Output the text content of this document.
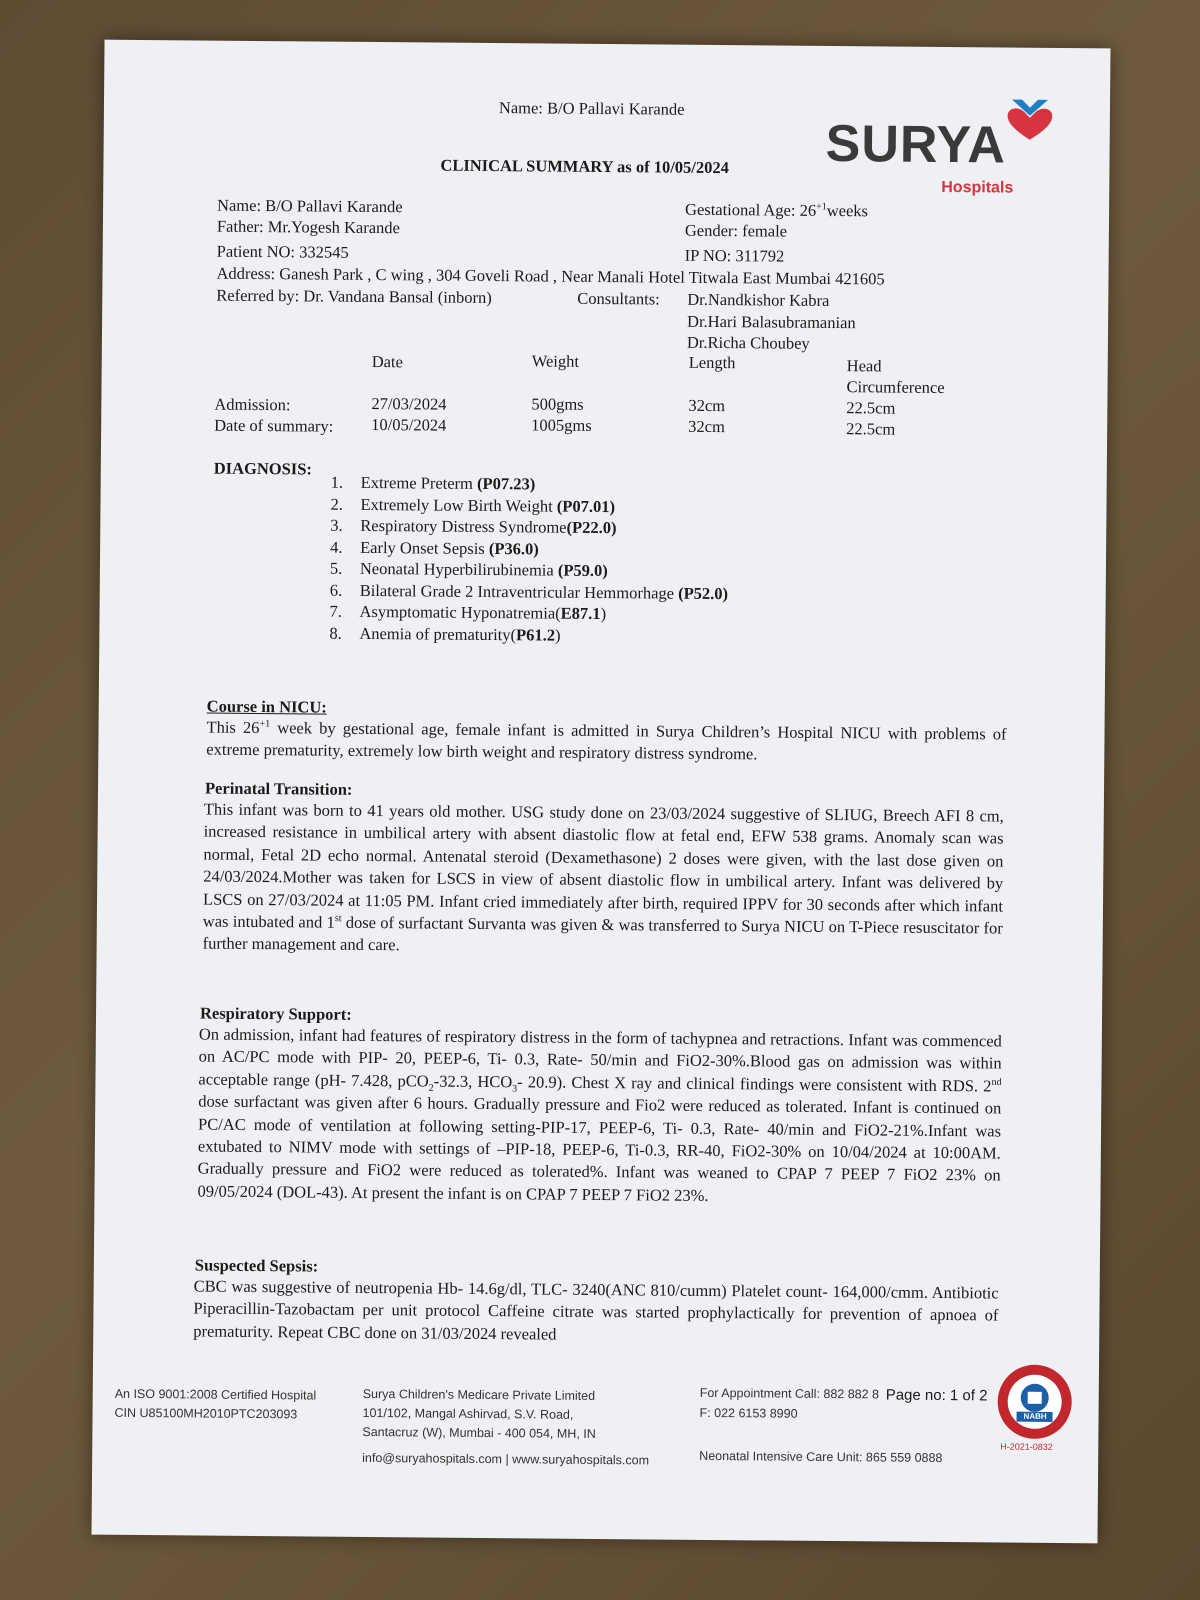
Name: B/O Pallavi Karande
CLINICAL SUMMARY as of 10/05/2024 SURYA
Hospitals
Name: B/O Pallavi Karande
Father: Mr.Yogesh Karande
Patient NO: 332545
Address: Ganesh Park , C wing , 304 Goveli Road , Near Manali Hotel Titwala East Mumbai 421605
Referred by: Dr. Vandana Bansal (inborn)
Gestational Age: $26^{+1}weeks$
Gender: female
IP NO: 311792
Consultants: Dr.Nandkishor Kabra
Dr.Hari Balasubramanian
Dr.Richa Choubey
Date	Weight	Length	Head
Circumference
Admission:	27/03/2024	500gms	32cm	22.5cm
Date of summary: 10/05/2024	1005gms	32cm	22.5cm
DIAGNOSIS:
1. Extreme Preterm (P07.23)
2. Extremely Low Birth Weight (P07.01)
3. Respiratory Distress Syndrome(P22.0)
4. Early Onset Sepsis (P36.0)
5. Neonatal Hyperbilirubinemia (P59.0)
6. Bilateral Grade 2 Intraventricular Hemmorhage (P52.0)
7. Asymptomatic Hyponatremia(E87.1)
8. Anemia of prematurity(P61.2)
Course in NICU:
This $26^{+1}$ week by gestational age, female infant is admitted in Surya Children’s Hospital NICU with problems of extreme prematurity, extremely low birth weight and respiratory distress syndrome.
Perinatal Transition:
This infant was born to 41 years old mother. USG study done on 23/03/2024 suggestive of SLIUG, Breech AFI 8 cm, increased resistance in umbilical artery with absent diastolic flow at fetal end, EFW 538 grams. Anomaly scan was normal, Fetal 2D echo normal. Antenatal steroid (Dexamethasone) 2 doses were given, with the last dose given on 24/03/2024.Mother was taken for LSCS in view of absent diastolic flow in umbilical artery. Infant was delivered by LSCS on 27/03/2024 at 11:05 PM. Infant cried immediately after birth, required IPPV for 30 seconds after which infant was intubated and 1st dose of surfactant Survanta was given & was transferred to Surya NICU on T-Piece resuscitator for further management and care.
Respiratory Support:
On admission, infant had features of respiratory distress in the form of tachypnea and retractions. Infant was commenced on AC/PC mode with PIP- 20, PEEP-6, Ti- 0.3, Rate- 50/min and FiO2-30%.Blood gas on admission was within acceptable range (pH- 7.428, pCO$_2$-32.3, $HCO_3-$ 20.9). Chest X ray and clinical findings were consistent with RDS. 2nd dose surfactant was given after 6 hours. Gradually pressure and Fio2 were reduced as tolerated. Infant is continued on PC/AC mode of ventilation at following setting-PIP-17, PEEP-6, Ti- 0.3, Rate- 40/min and FiO2-21%.Infant was extubated to NIMV mode with settings of –PIP-18, PEEP-6, Ti-0.3, RR-40, FiO2-30% on 10/04/2024 at 10:00AM. Gradually pressure and FiO2 were reduced as tolerated%. Infant was weaned to CPAP 7 PEEP 7 FiO2 23% on 09/05/2024 (DOL-43). At present the infant is on CPAP 7 PEEP 7 FiO2 23%.
Suspected Sepsis:
CBC was suggestive of neutropenia Hb- 14.6g/dl, TLC- 3240(ANC 810/cumm) Platelet count- 164,000/cmm. Antibiotic Piperacillin-Tazobactam per unit protocol Caffeine citrate was started prophylactically for prevention of apnoea of prematurity. Repeat CBC done on 31/03/2024 revealed
Page no: 1 of 2
NABH
An ISO 9001:2008 Certified Hospital
CIN U85100MH2010PTC203093
Surya Children's Medicare Private Limited
101/102, Mangal Ashirvad, S.V. Road,
Santacruz (W), Mumbai - 400 054, MH, IN
info@suryahospitals.com | www.suryahospitals.com
For Appointment Call: 882 882 8
F: 022 6153 8990
Neonatal Intensive Care Unit: 865 559 0888
H-2021-0832
